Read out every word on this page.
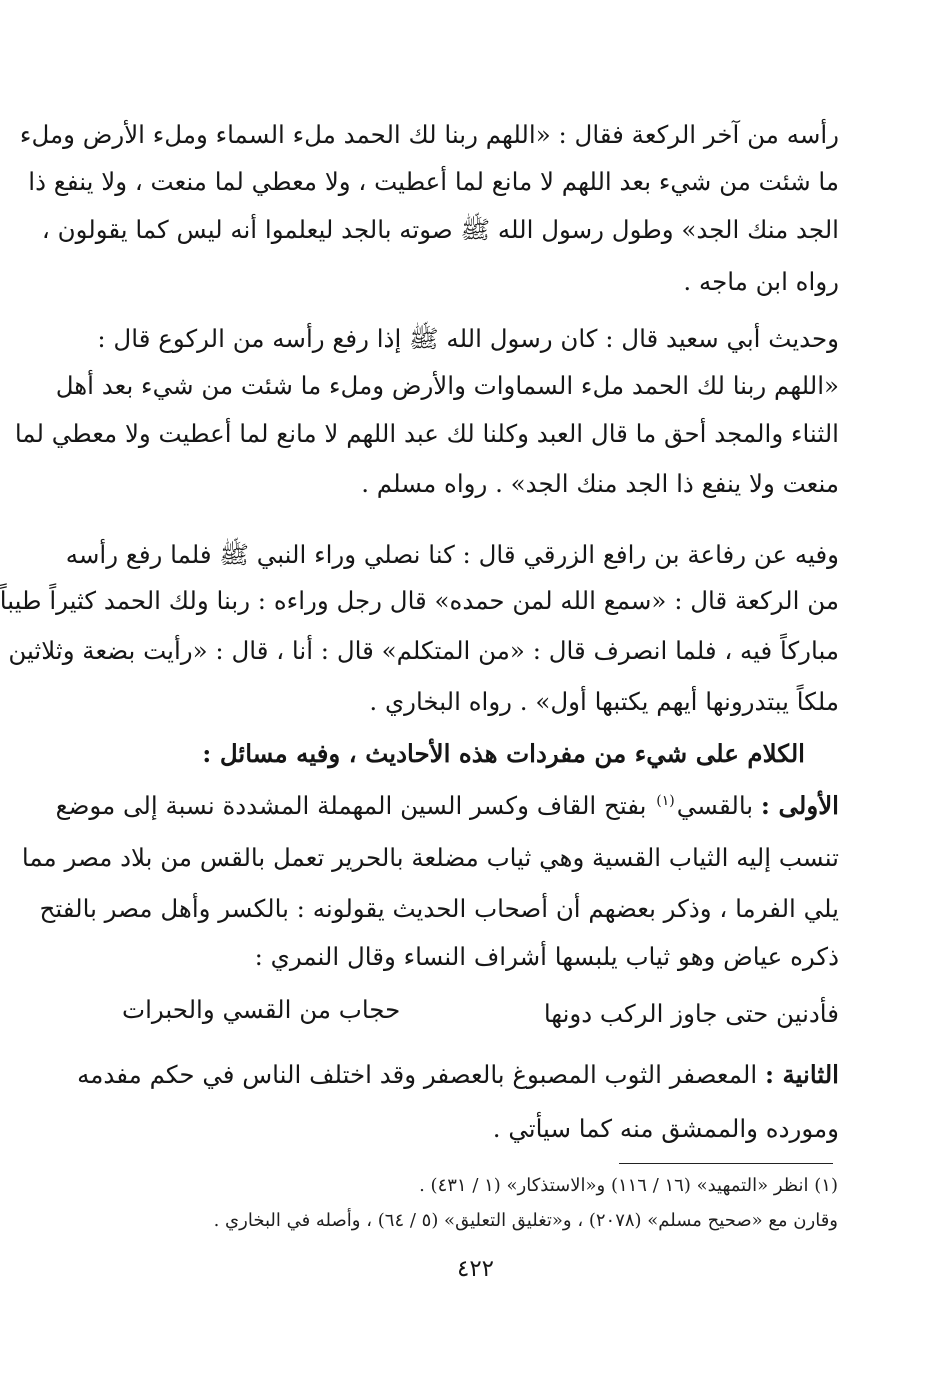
رأسه من آخر الركعة فقال : «اللهم ربنا لك الحمد ملء السماء وملء الأرض وملء
ما شئت من شيء بعد اللهم لا مانع لما أعطيت ، ولا معطي لما منعت ، ولا ينفع ذا
الجد منك الجد» وطول رسول الله ﷺ صوته بالجد ليعلموا أنه ليس كما يقولون ،
رواه ابن ماجه .
وحديث أبي سعيد قال : كان رسول الله ﷺ إذا رفع رأسه من الركوع قال :
«اللهم ربنا لك الحمد ملء السماوات والأرض وملء ما شئت من شيء بعد أهل
الثناء والمجد أحق ما قال العبد وكلنا لك عبد اللهم لا مانع لما أعطيت ولا معطي لما
منعت ولا ينفع ذا الجد منك الجد» . رواه مسلم .
وفيه عن رفاعة بن رافع الزرقي قال : كنا نصلي وراء النبي ﷺ فلما رفع رأسه
من الركعة قال : «سمع الله لمن حمده» قال رجل وراءه : ربنا ولك الحمد كثيراً طيباً
مباركاً فيه ، فلما انصرف قال : «من المتكلم» قال : أنا ، قال : «رأيت بضعة وثلاثين
ملكاً يبتدرونها أيهم يكتبها أول» . رواه البخاري .
الكلام على شيء من مفردات هذه الأحاديث ، وفيه مسائل :
الأولى : بالقسي$^{(١)}$ بفتح القاف وكسر السين المهملة المشددة نسبة إلى موضع
تنسب إليه الثياب القسية وهي ثياب مضلعة بالحرير تعمل بالقس من بلاد مصر مما
يلي الفرما ، وذكر بعضهم أن أصحاب الحديث يقولونه : بالكسر وأهل مصر بالفتح
ذكره عياض وهو ثياب يلبسها أشراف النساء وقال النمري :
فأدنين حتى جاوز الركب دونها
حجاب من القسي والحبرات
الثانية : المعصفر الثوب المصبوغ بالعصفر وقد اختلف الناس في حكم مفدمه
ومورده والممشق منه كما سيأتي .
(١) انظر «التمهيد» (١٦ / ١١٦) و«الاستذكار» (١ / ٤٣١) .
وقارن مع «صحيح مسلم» (٢٠٧٨) ، و«تغليق التعليق» (٥ / ٦٤) ، وأصله في البخاري .
٤٢٢
